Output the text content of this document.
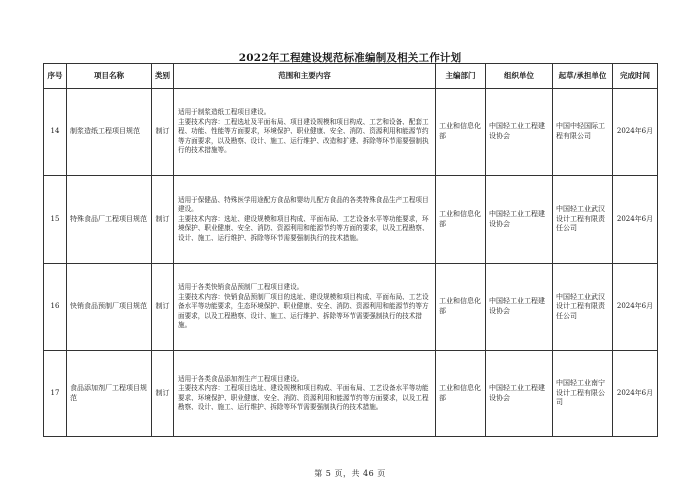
2022年工程建设规范标准编制及相关工作计划
序号	项目名称	类别	范围和主要内容	主编部门	组织单位	起草/承担单位	完成时间
14	制浆造纸工程项目规范	制订	适用于制浆造纸工程项目建设。
主要技术内容：工程选址及平面布局、项目建设规模和项目构成、工艺和设备、配套工程、功能、性能等方面要求，环境保护、职业健康、安全、消防、资源利用和能源节约等方面要求，以及勘察、设计、施工、运行维护、改造和扩建、拆除等环节需要强制执行的技术措施等。	工业和信息化部	中国轻工业工程建设协会	中国中轻国际工程有限公司	2024年6月
15	特殊食品厂工程项目规范	制订	适用于保健品、特殊医学用途配方食品和婴幼儿配方食品的各类特殊食品生产工程项目建设。
主要技术内容：选址、建设规模和项目构成、平面布局、工艺设备水平等功能要求，环境保护、职业健康、安全、消防、资源利用和能源节约等方面的要求，以及工程勘察、设计、施工、运行维护、拆除等环节需要强制执行的技术措施。	工业和信息化部	中国轻工业工程建设协会	中国轻工业武汉设计工程有限责任公司	2024年6月
16	快销食品预制厂项目规范	制订	适用于各类快销食品预制厂工程项目建设。
主要技术内容：快销食品预制厂项目的选址、建设规模和项目构成、平面布局、工艺设备水平等功能要求，生态环境保护、职业健康、安全、消防、资源利用和能源节约等方面要求，以及工程勘察、设计、施工、运行维护、拆除等环节需要强制执行的技术措施。	工业和信息化部	中国轻工业工程建设协会	中国轻工业武汉设计工程有限责任公司	2024年6月
17	食品添加剂厂工程项目规范	制订	适用于各类食品添加剂生产工程项目建设。
主要技术内容：工程项目选址、建设规模和项目构成、平面布局、工艺设备水平等功能要求、环境保护、职业健康、安全、消防、资源利用和能源节约等方面要求，以及工程勘察、设计、施工、运行维护、拆除等环节需要强制执行的技术措施。	工业和信息化部	中国轻工业工程建设协会	中国轻工业南宁设计工程有限公司	2024年6月
第 5 页，共 46 页
